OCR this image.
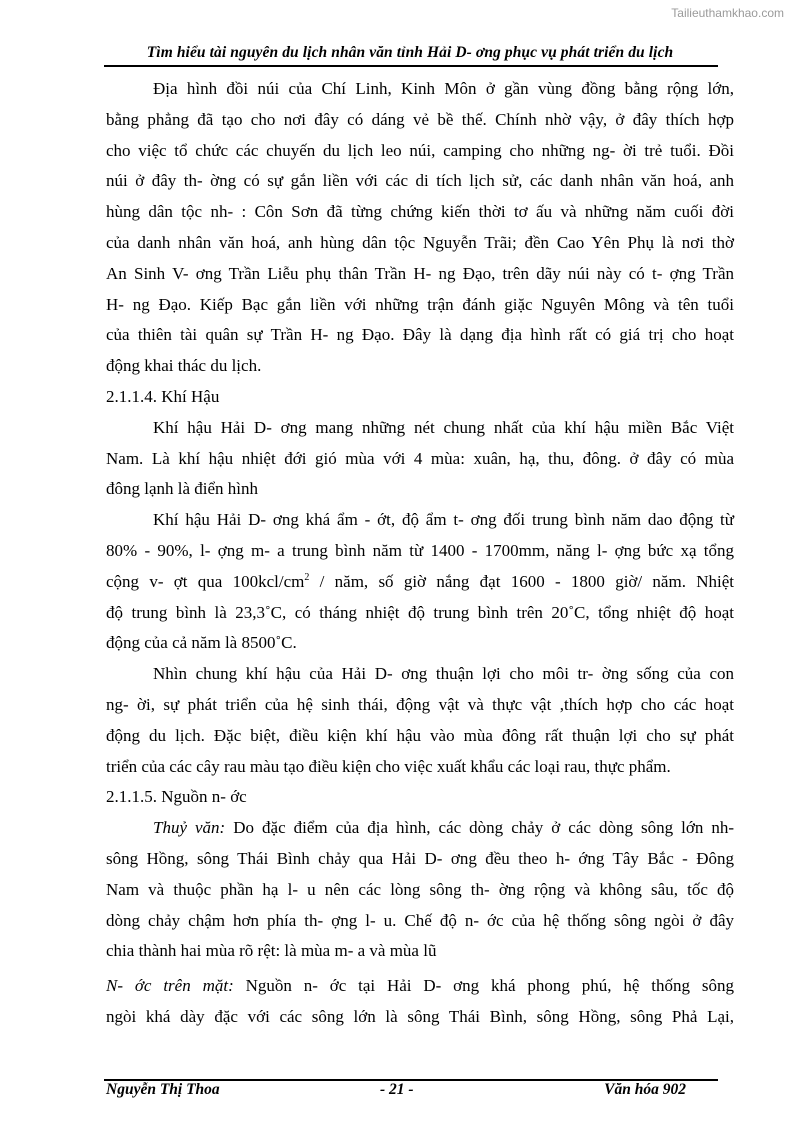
Tailieuthamkhao.com
Tìm hiểu tài nguyên du lịch nhân văn tỉnh Hải D- ơng phục vụ phát triển du lịch
Địa hình đồi núi của Chí Linh, Kinh Môn ở gần vùng đồng bằng rộng lớn,
bằng phẳng đã tạo cho nơi đây có dáng vẻ bề thế. Chính nhờ vậy, ở đây thích hợp
cho việc tổ chức các chuyến du lịch leo núi, camping cho những ng- ời trẻ tuổi. Đồi
núi ở đây th- ờng có sự gắn liền với các di tích lịch sử, các danh nhân văn hoá, anh
hùng dân tộc nh- : Côn Sơn đã từng chứng kiến thời tơ ấu và những năm cuối đời
của danh nhân văn hoá, anh hùng dân tộc Nguyễn Trãi; đền Cao Yên Phụ là nơi thờ
An Sinh V- ơng Trần Liễu phụ thân Trần H- ng Đạo, trên dãy núi này có t- ợng Trần
H- ng Đạo. Kiếp Bạc gắn liền với những trận đánh giặc Nguyên Mông và tên tuổi
của thiên tài quân sự Trần H- ng Đạo. Đây là dạng địa hình rất có giá trị cho hoạt
động khai thác du lịch.
2.1.1.4. Khí Hậu
Khí hậu Hải D- ơng mang những nét chung nhất của khí hậu miền Bắc Việt
Nam. Là khí hậu nhiệt đới gió mùa với 4 mùa: xuân, hạ, thu, đông. ở đây có mùa
đông lạnh là điển hình
Khí hậu Hải D- ơng khá ẩm - ớt, độ ẩm t- ơng đối trung bình năm dao động từ
80% - 90%, l- ợng m- a trung bình năm từ 1400 - 1700mm, năng l- ợng bức xạ tổng
cộng v- ợt qua $100kcl/cm^2$ / năm, số giờ nắng đạt 1600 - 1800 giờ/ năm. Nhiệt
độ trung bình là 23,3˚C, có tháng nhiệt độ trung bình trên 20˚C, tổng nhiệt độ hoạt
động của cả năm là 8500˚C.
Nhìn chung khí hậu của Hải D- ơng thuận lợi cho môi tr- ờng sống của con
ng- ời, sự phát triển của hệ sinh thái, động vật và thực vật ,thích hợp cho các hoạt
động du lịch. Đặc biệt, điều kiện khí hậu vào mùa đông rất thuận lợi cho sự phát
triển của các cây rau màu tạo điều kiện cho việc xuất khẩu các loại rau, thực phẩm.
2.1.1.5. Nguồn n- ớc
Thuỷ văn: Do đặc điểm của địa hình, các dòng chảy ở các dòng sông lớn nh-
sông Hồng, sông Thái Bình chảy qua Hải D- ơng đều theo h- ớng Tây Bắc - Đông
Nam và thuộc phần hạ l- u nên các lòng sông th- ờng rộng và không sâu, tốc độ
dòng chảy chậm hơn phía th- ợng l- u. Chế độ n- ớc của hệ thống sông ngòi ở đây
chia thành hai mùa rõ rệt: là mùa m- a và mùa lũ
N- ớc trên mặt: Nguồn n- ớc tại Hải D- ơng khá phong phú, hệ thống sông
ngòi khá dày đặc với các sông lớn là sông Thái Bình, sông Hồng, sông Phả Lại,
Nguyễn Thị Thoa	- 21 -	Văn hóa 902
